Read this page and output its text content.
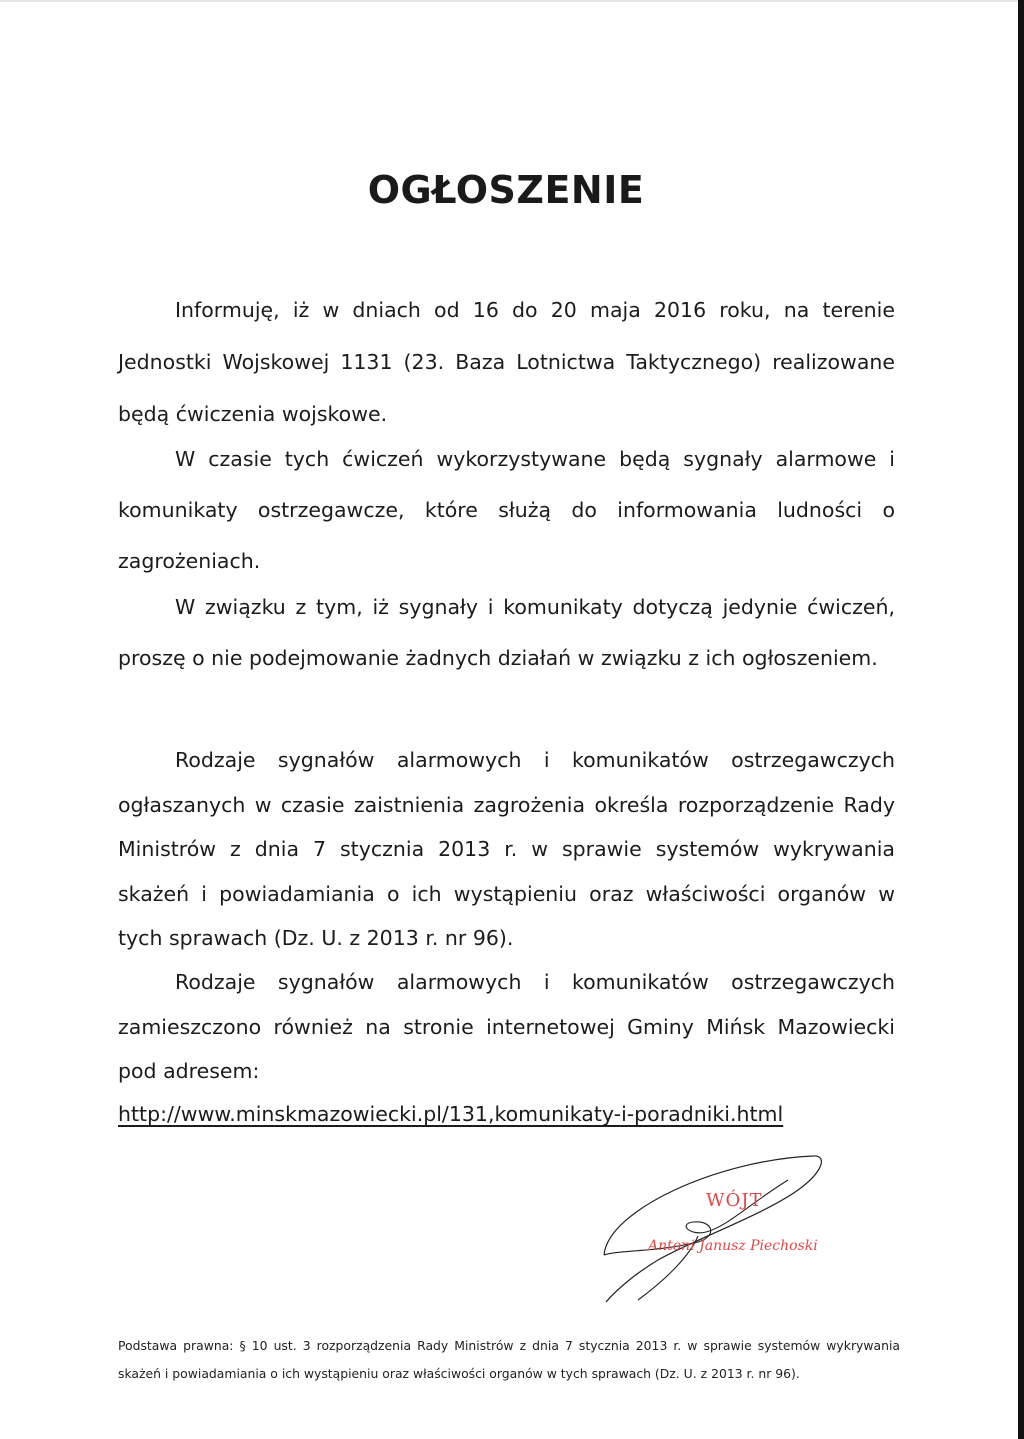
OGŁOSZENIE
Informuję, iż w dniach od 16 do 20 maja 2016 roku, na terenie Jednostki Wojskowej 1131 (23. Baza Lotnictwa Taktycznego) realizowane będą ćwiczenia wojskowe.
W czasie tych ćwiczeń wykorzystywane będą sygnały alarmowe i komunikaty ostrzegawcze, które służą do informowania ludności o zagrożeniach.
W związku z tym, iż sygnały i komunikaty dotyczą jedynie ćwiczeń, proszę o nie podejmowanie żadnych działań w związku z ich ogłoszeniem.
Rodzaje sygnałów alarmowych i komunikatów ostrzegawczych ogłaszanych w czasie zaistnienia zagrożenia określa rozporządzenie Rady Ministrów z dnia 7 stycznia 2013 r. w sprawie systemów wykrywania skażeń i powiadamiania o ich wystąpieniu oraz właściwości organów w tych sprawach (Dz. U. z 2013 r. nr 96).
Rodzaje sygnałów alarmowych i komunikatów ostrzegawczych zamieszczono również na stronie internetowej Gminy Mińsk Mazowiecki pod adresem:
http://www.minskmazowiecki.pl/131,komunikaty-i-poradniki.html
WÓJT
Antoni Janusz Piechoski
Podstawa prawna: § 10 ust. 3 rozporządzenia Rady Ministrów z dnia 7 stycznia 2013 r. w sprawie systemów wykrywania skażeń i powiadamiania o ich wystąpieniu oraz właściwości organów w tych sprawach (Dz. U. z 2013 r. nr 96).
